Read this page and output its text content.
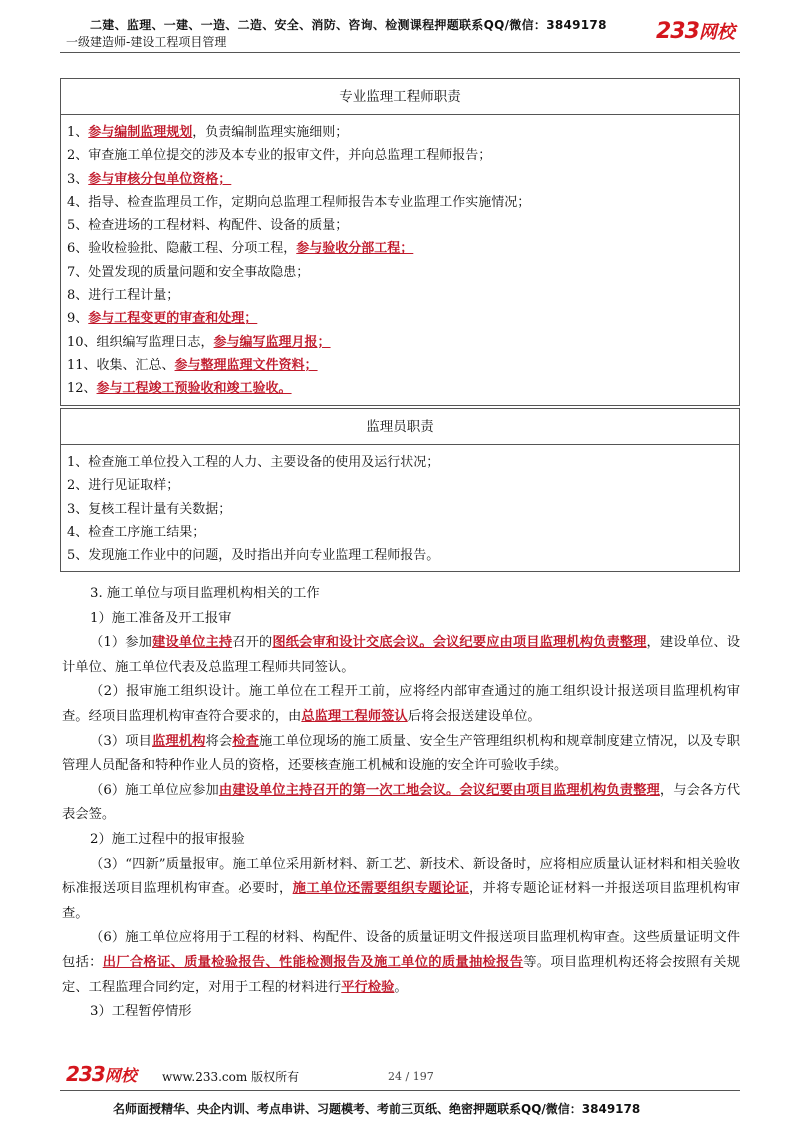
二建、监理、一建、一造、二造、安全、消防、咨询、检测课程押题联系QQ/微信：3849178
一级建造师-建设工程项目管理	233网校
专业监理工程师职责
1、参与编制监理规划，负责编制监理实施细则；
2、审查施工单位提交的涉及本专业的报审文件，并向总监理工程师报告；
3、参与审核分包单位资格；
4、指导、检查监理员工作，定期向总监理工程师报告本专业监理工作实施情况；
5、检查进场的工程材料、构配件、设备的质量；
6、验收检验批、隐蔽工程、分项工程，参与验收分部工程；
7、处置发现的质量问题和安全事故隐患；
8、进行工程计量；
9、参与工程变更的审查和处理；
10、组织编写监理日志，参与编写监理月报；
11、收集、汇总、参与整理监理文件资料；
12、参与工程竣工预验收和竣工验收。
监理员职责
1、检查施工单位投入工程的人力、主要设备的使用及运行状况；
2、进行见证取样；
3、复核工程计量有关数据；
4、检查工序施工结果；
5、发现施工作业中的问题，及时指出并向专业监理工程师报告。
3. 施工单位与项目监理机构相关的工作
1）施工准备及开工报审

（1）参加建设单位主持召开的图纸会审和设计交底会议。会议纪要应由项目监理机构负责整理，建设单位、设计单位、施工单位代表及总监理工程师共同签认。

（2）报审施工组织设计。施工单位在工程开工前，应将经内部审查通过的施工组织设计报送项目监理机构审查。经项目监理机构审查符合要求的，由总监理工程师签认后将会报送建设单位。

（3）项目监理机构将会检查施工单位现场的施工质量、安全生产管理组织机构和规章制度建立情况，以及专职管理人员配备和特种作业人员的资格，还要核查施工机械和设施的安全许可验收手续。

（6）施工单位应参加由建设单位主持召开的第一次工地会议。会议纪要由项目监理机构负责整理，与会各方代表会签。

2）施工过程中的报审报验

（3）“四新”质量报审。施工单位采用新材料、新工艺、新技术、新设备时，应将相应质量认证材料和相关验收标准报送项目监理机构审查。必要时，施工单位还需要组织专题论证，并将专题论证材料一并报送项目监理机构审查。

（6）施工单位应将用于工程的材料、构配件、设备的质量证明文件报送项目监理机构审查。这些质量证明文件包括：出厂合格证、质量检验报告、性能检测报告及施工单位的质量抽检报告等。项目监理机构还将会按照有关规定、工程监理合同约定，对用于工程的材料进行平行检验。

3）工程暂停情形
233网校 www.233.com 版权所有	24 / 197
名师面授精华、央企内训、考点串讲、习题模考、考前三页纸、绝密押题联系QQ/微信：3849178
